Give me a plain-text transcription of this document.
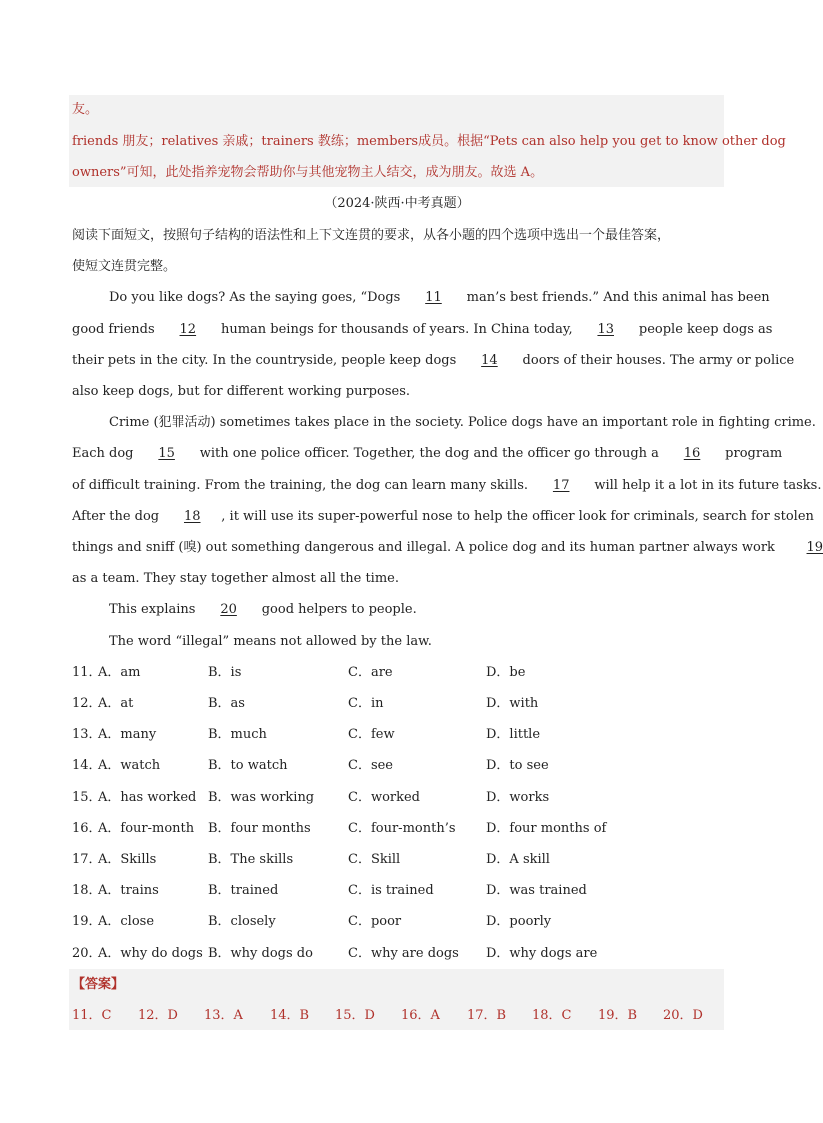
友。
friends 朋友；relatives 亲戚；trainers 教练；members成员。根据“Pets can also help you get to know other dog
owners”可知，此处指养宠物会帮助你与其他宠物主人结交，成为朋友。故选 A。
（2024·陕西·中考真题）
阅读下面短文，按照句子结构的语法性和上下文连贯的要求，从各小题的四个选项中选出一个最佳答案，
使短文连贯完整。
Do you like dogs? As the saying goes, “Dogs 11 man’s best friends.” And this animal has been
good friends 12 human beings for thousands of years. In China today, 13 people keep dogs as
their pets in the city. In the countryside, people keep dogs 14 doors of their houses. The army or police
also keep dogs, but for different working purposes.
Crime (犯罪活动) sometimes takes place in the society. Police dogs have an important role in fighting crime.
Each dog 15 with one police officer. Together, the dog and the officer go through a 16 program
of difficult training. From the training, the dog can learn many skills. 17 will help it a lot in its future tasks.
After the dog 18 , it will use its super-powerful nose to help the officer look for criminals, search for stolen
things and sniff (嗅) out something dangerous and illegal. A police dog and its human partner always work 19
as a team. They stay together almost all the time.
This explains 20 good helpers to people.
The word “illegal” means not allowed by the law.
11．
A．am	B．is	C．are	D．be
12．
A．at	B．as	C．in	D．with
13．
A．many	B．much	C．few	D．little
14．
A．watch	B．to watch	C．see	D．to see
15．
A．has worked B．was working	C．worked	D．works
16．
A．four-month B．four months	C．four-month’s D．four months of
17．
A．Skills	B．The skills	C．Skill	D．A skill
18．
A．trains	B．trained	C．is trained	D．was trained
19．
A．close	B．closely	C．poor	D．poorly
20．
A．why do dogs B．why dogs do	C．why are dogs D．why dogs are
【答案】
11．C 12．D 13．A 14．B 15．D 16．A 17．B 18．C 19．B 20．D
